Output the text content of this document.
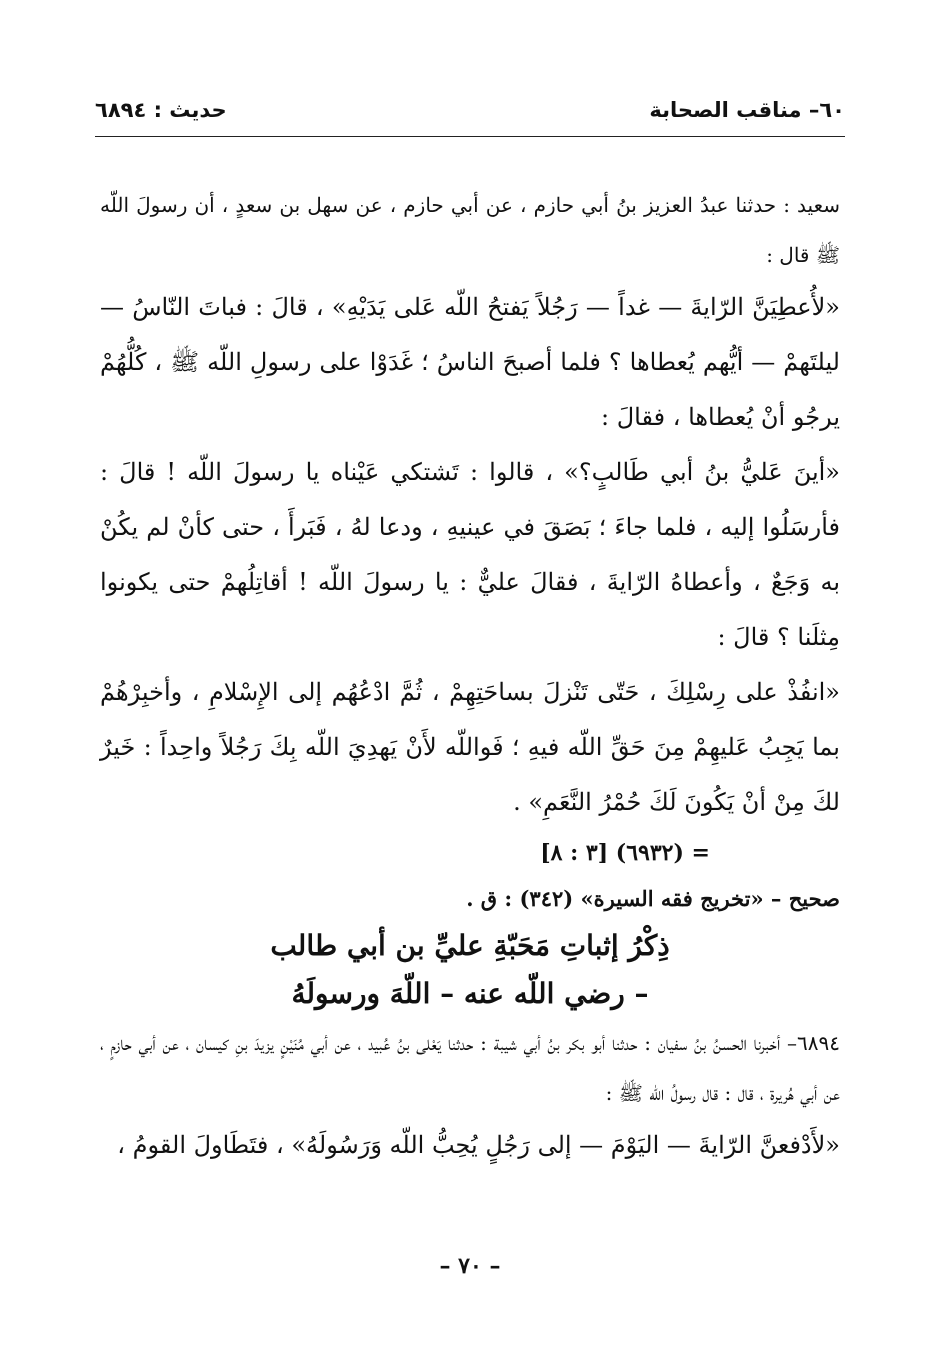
٦٠– مناقب الصحابة
حديث : ٦٨٩٤

سعيد : حدثنا عبدُ العزيز بنُ أبي حازم ، عن أبي حازم ، عن سهل بن سعدٍ ، أن رسولَ اللّه ﷺ قال :

«لأُعطِيَنَّ الرّايةَ — غداً — رَجُلاً يَفتحُ اللّه عَلى يَدَيْهِ» ، قالَ : فباتَ النّاسُ — ليلتَهمْ — أيُّهم يُعطاها ؟ فلما أصبحَ الناسُ ؛ غَدَوْا على رسولِ اللّه ﷺ ، كُلُّهُمْ يرجُو أنْ يُعطاها ، فقالَ :

«أينَ عَليُّ بنُ أبي طَالبٍ؟» ، قالوا : تَشتكي عَيْناه يا رسولَ اللّه ! قالَ : فأرسَلُوا إليه ، فلما جاءَ ؛ بَصَقَ في عينيهِ ، ودعا لهُ ، فَبَرأَ ، حتى كأنْ لم يكُنْ به وَجَعٌ ، وأعطاهُ الرّايةَ ، فقالَ عليٌّ : يا رسولَ اللّه ! أقاتِلُهمْ حتى يكونوا مِثلَنا ؟ قالَ :

«انفُذْ على رِسْلِكَ ، حَتّى تَنْزلَ بساحَتِهِمْ ، ثُمَّ ادْعُهُم إلى الإِسْلامِ ، وأخبِرْهُمْ بما يَجِبُ عَليهِمْ مِنَ حَقِّ اللّه فيهِ ؛ فَواللّه لأَنْ يَهدِيَ اللّه بِكَ رَجُلاً واحِداً : خَيرٌ لكَ مِنْ أنْ يَكُونَ لَكَ حُمْرُ النَّعَمِ» .

= (٦٩٣٢) [٣ : ٨]

صحيح – «تخريج فقه السيرة» (٣٤٢) : ق .

ذِكْرُ إثباتِ مَحَبّةِ عليِّ بن أبي طالب

– رضي اللّه عنه – اللّهَ ورسولَهُ

٦٨٩٤– أخبرنا الحسنُ بنُ سفيان : حدثنا أبو بكر بنُ أبي شيبة : حدثنا يَعْلى بنُ عُبيد ، عن أبي مُنَيْنٍ يزيدَ بنِ كيسان ، عن أبي حازمٍ ، عن أبي هُريرة ، قال : قال رسولُ اللّه ﷺ :

«لأَدْفعنَّ الرّايةَ — اليَوْمَ — إلى رَجُلٍ يُحِبُّ اللّه وَرَسُولَهُ» ، فتَطَاولَ القومُ ،

– ٧٠ –
